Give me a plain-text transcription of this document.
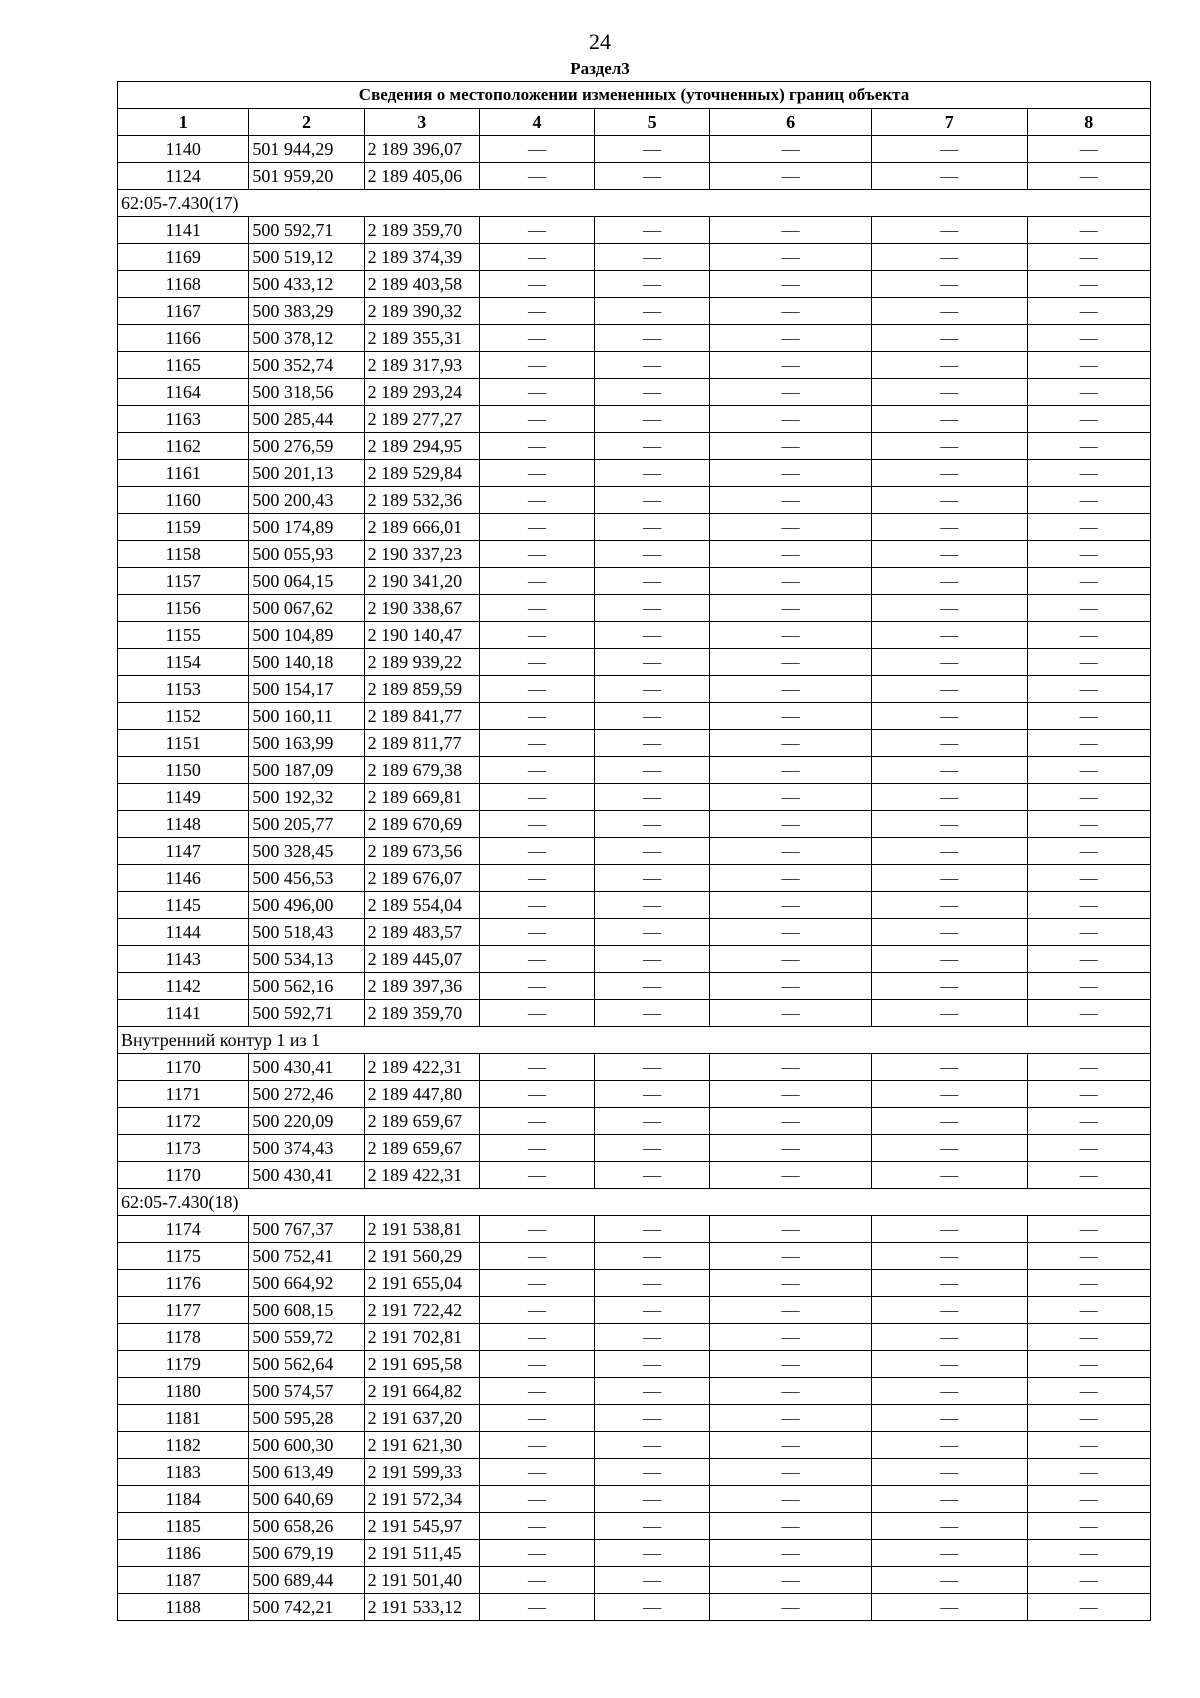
24
Раздел3
Сведения о местоположении измененных (уточненных) границ объекта							
1	2	3	4	5	6	7	8
1140	501 944,29	2 189 396,07	—	—	—	—	—
1124	501 959,20	2 189 405,06	—	—	—	—	—
62:05-7.430(17)							
1141	500 592,71	2 189 359,70	—	—	—	—	—
1169	500 519,12	2 189 374,39	—	—	—	—	—
1168	500 433,12	2 189 403,58	—	—	—	—	—
1167	500 383,29	2 189 390,32	—	—	—	—	—
1166	500 378,12	2 189 355,31	—	—	—	—	—
1165	500 352,74	2 189 317,93	—	—	—	—	—
1164	500 318,56	2 189 293,24	—	—	—	—	—
1163	500 285,44	2 189 277,27	—	—	—	—	—
1162	500 276,59	2 189 294,95	—	—	—	—	—
1161	500 201,13	2 189 529,84	—	—	—	—	—
1160	500 200,43	2 189 532,36	—	—	—	—	—
1159	500 174,89	2 189 666,01	—	—	—	—	—
1158	500 055,93	2 190 337,23	—	—	—	—	—
1157	500 064,15	2 190 341,20	—	—	—	—	—
1156	500 067,62	2 190 338,67	—	—	—	—	—
1155	500 104,89	2 190 140,47	—	—	—	—	—
1154	500 140,18	2 189 939,22	—	—	—	—	—
1153	500 154,17	2 189 859,59	—	—	—	—	—
1152	500 160,11	2 189 841,77	—	—	—	—	—
1151	500 163,99	2 189 811,77	—	—	—	—	—
1150	500 187,09	2 189 679,38	—	—	—	—	—
1149	500 192,32	2 189 669,81	—	—	—	—	—
1148	500 205,77	2 189 670,69	—	—	—	—	—
1147	500 328,45	2 189 673,56	—	—	—	—	—
1146	500 456,53	2 189 676,07	—	—	—	—	—
1145	500 496,00	2 189 554,04	—	—	—	—	—
1144	500 518,43	2 189 483,57	—	—	—	—	—
1143	500 534,13	2 189 445,07	—	—	—	—	—
1142	500 562,16	2 189 397,36	—	—	—	—	—
1141	500 592,71	2 189 359,70	—	—	—	—	—
Внутренний контур 1 из 1							
1170	500 430,41	2 189 422,31	—	—	—	—	—
1171	500 272,46	2 189 447,80	—	—	—	—	—
1172	500 220,09	2 189 659,67	—	—	—	—	—
1173	500 374,43	2 189 659,67	—	—	—	—	—
1170	500 430,41	2 189 422,31	—	—	—	—	—
62:05-7.430(18)							
1174	500 767,37	2 191 538,81	—	—	—	—	—
1175	500 752,41	2 191 560,29	—	—	—	—	—
1176	500 664,92	2 191 655,04	—	—	—	—	—
1177	500 608,15	2 191 722,42	—	—	—	—	—
1178	500 559,72	2 191 702,81	—	—	—	—	—
1179	500 562,64	2 191 695,58	—	—	—	—	—
1180	500 574,57	2 191 664,82	—	—	—	—	—
1181	500 595,28	2 191 637,20	—	—	—	—	—
1182	500 600,30	2 191 621,30	—	—	—	—	—
1183	500 613,49	2 191 599,33	—	—	—	—	—
1184	500 640,69	2 191 572,34	—	—	—	—	—
1185	500 658,26	2 191 545,97	—	—	—	—	—
1186	500 679,19	2 191 511,45	—	—	—	—	—
1187	500 689,44	2 191 501,40	—	—	—	—	—
1188	500 742,21	2 191 533,12	—	—	—	—	—
